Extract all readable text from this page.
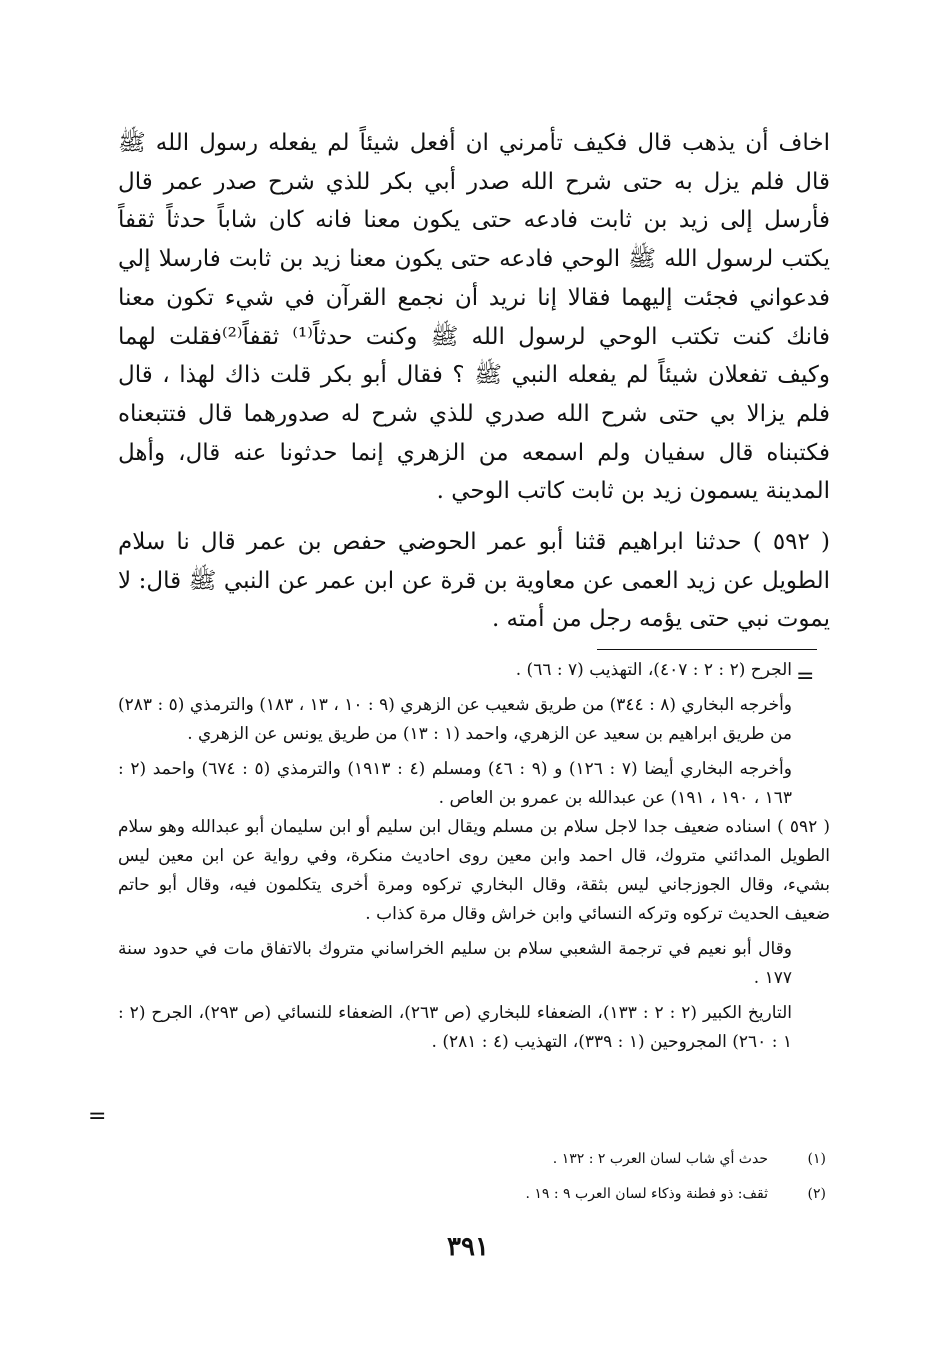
اخاف أن يذهب قال فكيف تأمرني ان أفعل شيئاً لم يفعله رسول الله ﷺ قال فلم يزل به حتى شرح الله صدر أبي بكر للذي شرح صدر عمر قال فأرسل إلى زيد بن ثابت فادعه حتى يكون معنا فانه كان شاباً حدثاً ثقفاً يكتب لرسول الله ﷺ الوحي فادعه حتى يكون معنا زيد بن ثابت فارسلا إلي فدعواني فجئت إليهما فقالا إنا نريد أن نجمع القرآن في شيء تكون معنا فانك كنت تكتب الوحي لرسول الله ﷺ وكنت حدثاً⁽¹⁾ ثقفاً⁽²⁾فقلت لهما وكيف تفعلان شيئاً لم يفعله النبي ﷺ ؟ فقال أبو بكر قلت ذاك لهذا ، قال فلم يزالا بي حتى شرح الله صدري للذي شرح له صدورهما قال فتتبعناه فكتبناه قال سفيان ولم اسمعه من الزهري إنما حدثونا عنه قال، وأهل المدينة يسمون زيد بن ثابت كاتب الوحي .

( ٥٩٢ ) حدثنا ابراهيم قثنا أبو عمر الحوضي حفص بن عمر قال نا سلام الطويل عن زيد العمى عن معاوية بن قرة عن ابن عمر عن النبي ﷺ قال: لا يموت نبي حتى يؤمه رجل من أمته .

=

الجرح (٢ : ٢ : ٤٠٧)، التهذيب (٧ : ٦٦) .

وأخرجه البخاري (٨ : ٣٤٤) من طريق شعيب عن الزهري (٩ : ١٠ ، ١٣ ، ١٨٣) والترمذي (٥ : ٢٨٣) من طريق ابراهيم بن سعيد عن الزهري، واحمد (١ : ١٣) من طريق يونس عن الزهري .

وأخرجه البخاري أيضا (٧ : ١٢٦) و (٩ : ٤٦) ومسلم (٤ : ١٩١٣) والترمذي (٥ : ٦٧٤) واحمد (٢ : ١٦٣ ، ١٩٠ ، ١٩١) عن عبدالله بن عمرو بن العاص .

( ٥٩٢ ) اسناده ضعيف جدا لاجل سلام بن مسلم ويقال ابن سليم أو ابن سليمان أبو عبدالله وهو سلام الطويل المدائني متروك، قال احمد وابن معين روى احاديث منكرة، وفي رواية عن ابن معين ليس بشيء، وقال الجوزجاني ليس بثقة، وقال البخاري تركوه ومرة أخرى يتكلمون فيه، وقال أبو حاتم ضعيف الحديث تركوه وتركه النسائي وابن خراش وقال مرة كذاب .

وقال أبو نعيم في ترجمة الشعبي سلام بن سليم الخراساني متروك بالاتفاق مات في حدود سنة ١٧٧ .

التاريخ الكبير (٢ : ٢ : ١٣٣)، الضعفاء للبخاري (ص ٢٦٣)، الضعفاء للنسائي (ص ٢٩٣)، الجرح (٢ : ١ : ٢٦٠) المجروحين (١ : ٣٣٩)، التهذيب (٤ : ٢٨١) .

=
(١)حدث أي شاب لسان العرب ٢ : ١٣٢ .
(٢)ثقف: ذو فطنة وذكاء لسان العرب ٩ : ١٩ .
٣٩١
